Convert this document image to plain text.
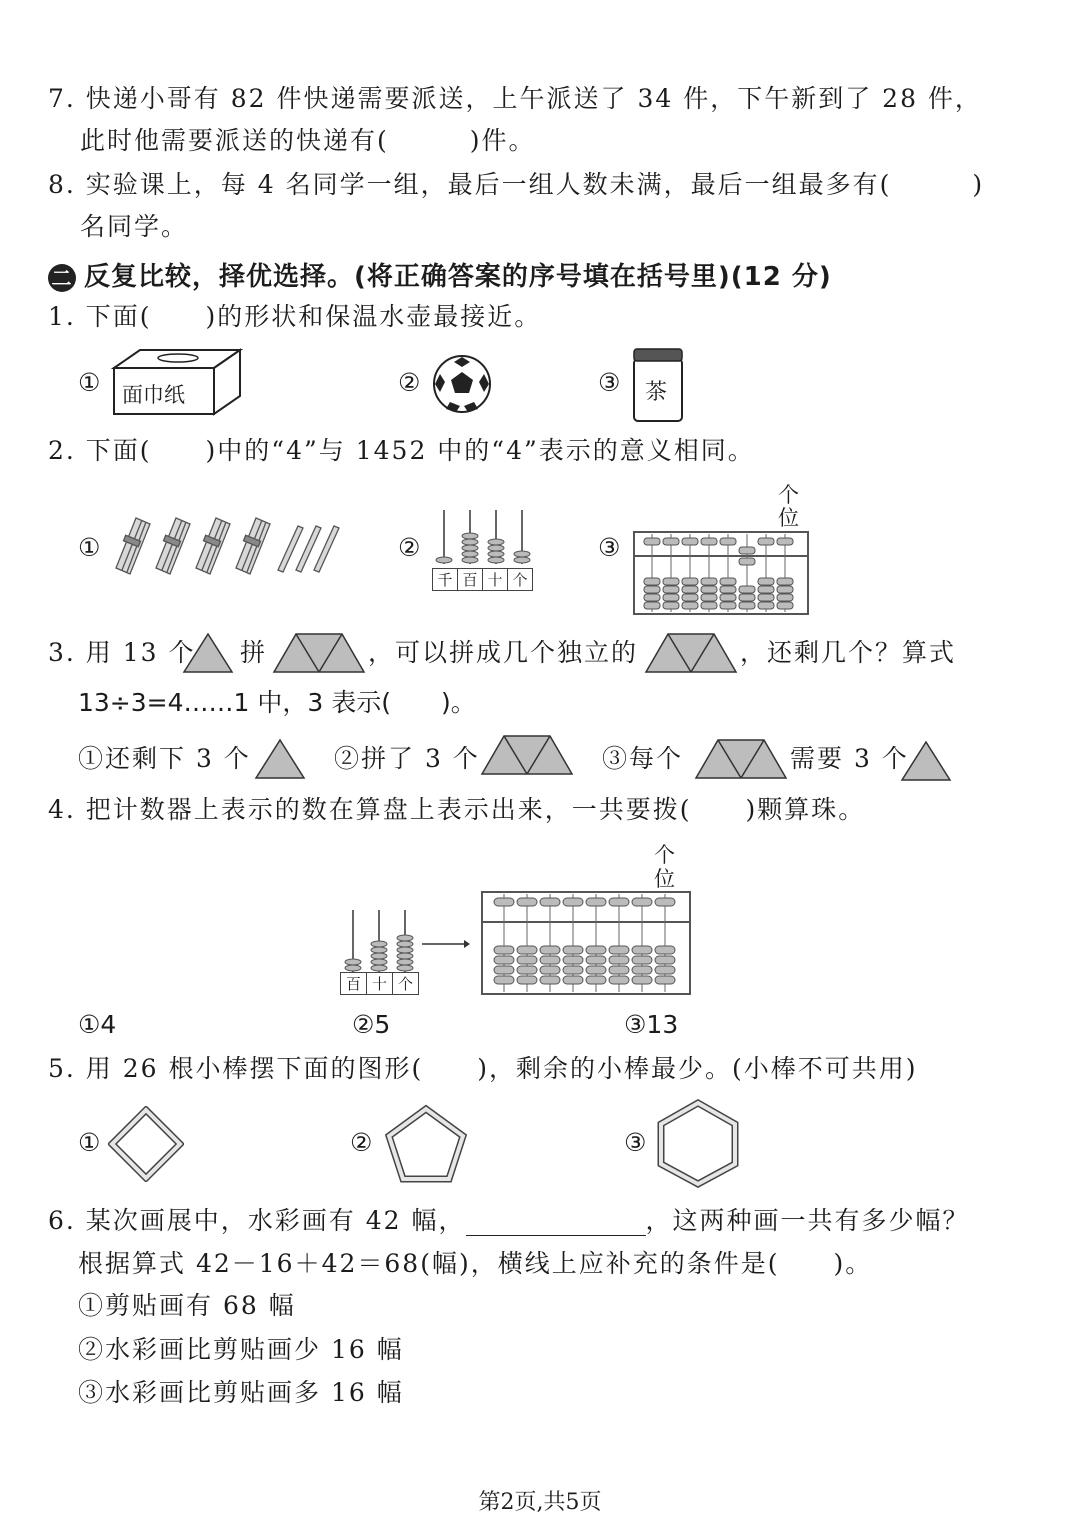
7. 快递小哥有 82 件快递需要派送，上午派送了 34 件，下午新到了 28 件，
此时他需要派送的快递有(　　　)件。
8. 实验课上，每 4 名同学一组，最后一组人数未满，最后一组最多有(　　　)
名同学。
二 反复比较，择优选择。(将正确答案的序号填在括号里)(12 分)
1. 下面(　　)的形状和保温水壶最接近。
① 面巾纸	②	③ 茶
2. 下面(　　)中的“4”与 1452 中的“4”表示的意义相同。
①	②
千 百 十 个
③
个
位
3. 用 13 个 拼	，可以拼成几个独立的	，还剩几个？算式
13÷3=4……1 中，3 表示(　　)。
①还剩下 3 个	②拼了 3 个	③每个	需要 3 个
4. 把计数器上表示的数在算盘上表示出来，一共要拨(　　)颗算珠。
百 十 个
个
位
①4	②5	③13
5. 用 26 根小棒摆下面的图形(　　)，剩余的小棒最少。(小棒不可共用)
①	②	③
6. 某次画展中，水彩画有 42 幅，	，这两种画一共有多少幅？
根据算式 42－16＋42＝68(幅)，横线上应补充的条件是(　　)。
①剪贴画有 68 幅
②水彩画比剪贴画少 16 幅
③水彩画比剪贴画多 16 幅
第2页,共5页
